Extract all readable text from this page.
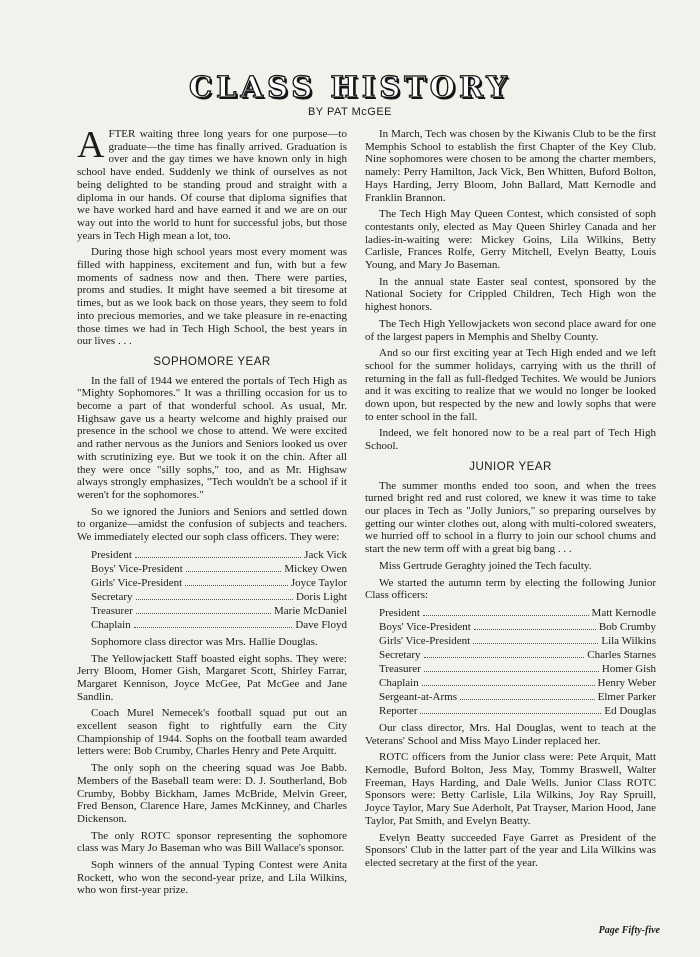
CLASS HISTORY
BY PAT McGEE

AFTER waiting three long years for one purpose—to graduate—the time has finally arrived. Graduation is over and the gay times we have known only in high school have ended. Suddenly we think of ourselves as not being delighted to be standing proud and straight with a diploma in our hands. Of course that diploma signifies that we have worked hard and have earned it and we are on our way out into the world to hunt for successful jobs, but those years in Tech High mean a lot, too.

During those high school years most every moment was filled with happiness, excitement and fun, with but a few moments of sadness now and then. There were parties, proms and studies. It might have seemed a bit tiresome at times, but as we look back on those years, they seem to fold into precious memories, and we take pleasure in re-enacting those times we had in Tech High School, the best years in our lives . . .

SOPHOMORE YEAR

In the fall of 1944 we entered the portals of Tech High as "Mighty Sophomores." It was a thrilling occasion for us to become a part of that wonderful school. As usual, Mr. Highsaw gave us a hearty welcome and highly praised our presence in the school we chose to attend. We were excited and rather nervous as the Juniors and Seniors looked us over with scrutinizing eye. But we took it on the chin. After all they were once "silly sophs," too, and as Mr. Highsaw always strongly emphasizes, "Tech wouldn't be a school if it weren't for the sophomores."

So we ignored the Juniors and Seniors and settled down to organize—amidst the confusion of subjects and teachers. We immediately elected our soph class officers. They were:

President	Jack Vick
Boys' Vice-President	Mickey Owen
Girls' Vice-President	Joyce Taylor
Secretary	Doris Light
Treasurer	Marie McDaniel
Chaplain	Dave Floyd

Sophomore class director was Mrs. Hallie Douglas.

The Yellowjackett Staff boasted eight sophs. They were: Jerry Bloom, Homer Gish, Margaret Scott, Shirley Farrar, Margaret Kennison, Joyce McGee, Pat McGee and Jane Sandlin.

Coach Murel Nemecek's football squad put out an excellent season fight to rightfully earn the City Championship of 1944. Sophs on the football team awarded letters were: Bob Crumby, Charles Henry and Pete Arquitt.

The only soph on the cheering squad was Joe Babb. Members of the Baseball team were: D. J. Southerland, Bob Crumby, Bobby Bickham, James McBride, Melvin Greer, Fred Benson, Clarence Hare, James McKinney, and Charles Dickenson.

The only ROTC sponsor representing the sophomore class was Mary Jo Baseman who was Bill Wallace's sponsor.

Soph winners of the annual Typing Contest were Anita Rockett, who won the second-year prize, and Lila Wilkins, who won first-year prize.

In March, Tech was chosen by the Kiwanis Club to be the first Memphis School to establish the first Chapter of the Key Club. Nine sophomores were chosen to be among the charter members, namely: Perry Hamilton, Jack Vick, Ben Whitten, Buford Bolton, Hays Harding, Jerry Bloom, John Ballard, Matt Kernodle and Franklin Brannon.

The Tech High May Queen Contest, which consisted of soph contestants only, elected as May Queen Shirley Canada and her ladies-in-waiting were: Mickey Goins, Lila Wilkins, Betty Carlisle, Frances Rolfe, Gerry Mitchell, Evelyn Beatty, Louis Young, and Mary Jo Baseman.

In the annual state Easter seal contest, sponsored by the National Society for Crippled Children, Tech High won the highest honors.

The Tech High Yellowjackets won second place award for one of the largest papers in Memphis and Shelby County.

And so our first exciting year at Tech High ended and we left school for the summer holidays, carrying with us the thrill of returning in the fall as full-fledged Techites. We would be Juniors and it was exciting to realize that we would no longer be looked down upon, but respected by the new and lowly sophs that were to enter school in the fall.

Indeed, we felt honored now to be a real part of Tech High School.

JUNIOR YEAR

The summer months ended too soon, and when the trees turned bright red and rust colored, we knew it was time to take our places in Tech as "Jolly Juniors," so preparing ourselves by getting our winter clothes out, along with multi-colored sweaters, we hurried off to school in a flurry to join our school chums and start the new term off with a great big bang . . .

Miss Gertrude Geraghty joined the Tech faculty.

We started the autumn term by electing the following Junior Class officers:

President	Matt Kernodle
Boys' Vice-President	Bob Crumby
Girls' Vice-President	Lila Wilkins
Secretary	Charles Starnes
Treasurer	Homer Gish
Chaplain	Henry Weber
Sergeant-at-Arms	Elmer Parker
Reporter	Ed Douglas

Our class director, Mrs. Hal Douglas, went to teach at the Veterans' School and Miss Mayo Linder replaced her.

ROTC officers from the Junior class were: Pete Arquit, Matt Kernodle, Buford Bolton, Jess May, Tommy Braswell, Walter Freeman, Hays Harding, and Dale Wells. Junior Class ROTC Sponsors were: Betty Carlisle, Lila Wilkins, Joy Ray Spruill, Joyce Taylor, Mary Sue Aderholt, Pat Trayser, Marion Hood, Jane Taylor, Pat Smith, and Evelyn Beatty.

Evelyn Beatty succeeded Faye Garret as President of the Sponsors' Club in the latter part of the year and Lila Wilkins was elected secretary at the first of the year.

Page Fifty-five
